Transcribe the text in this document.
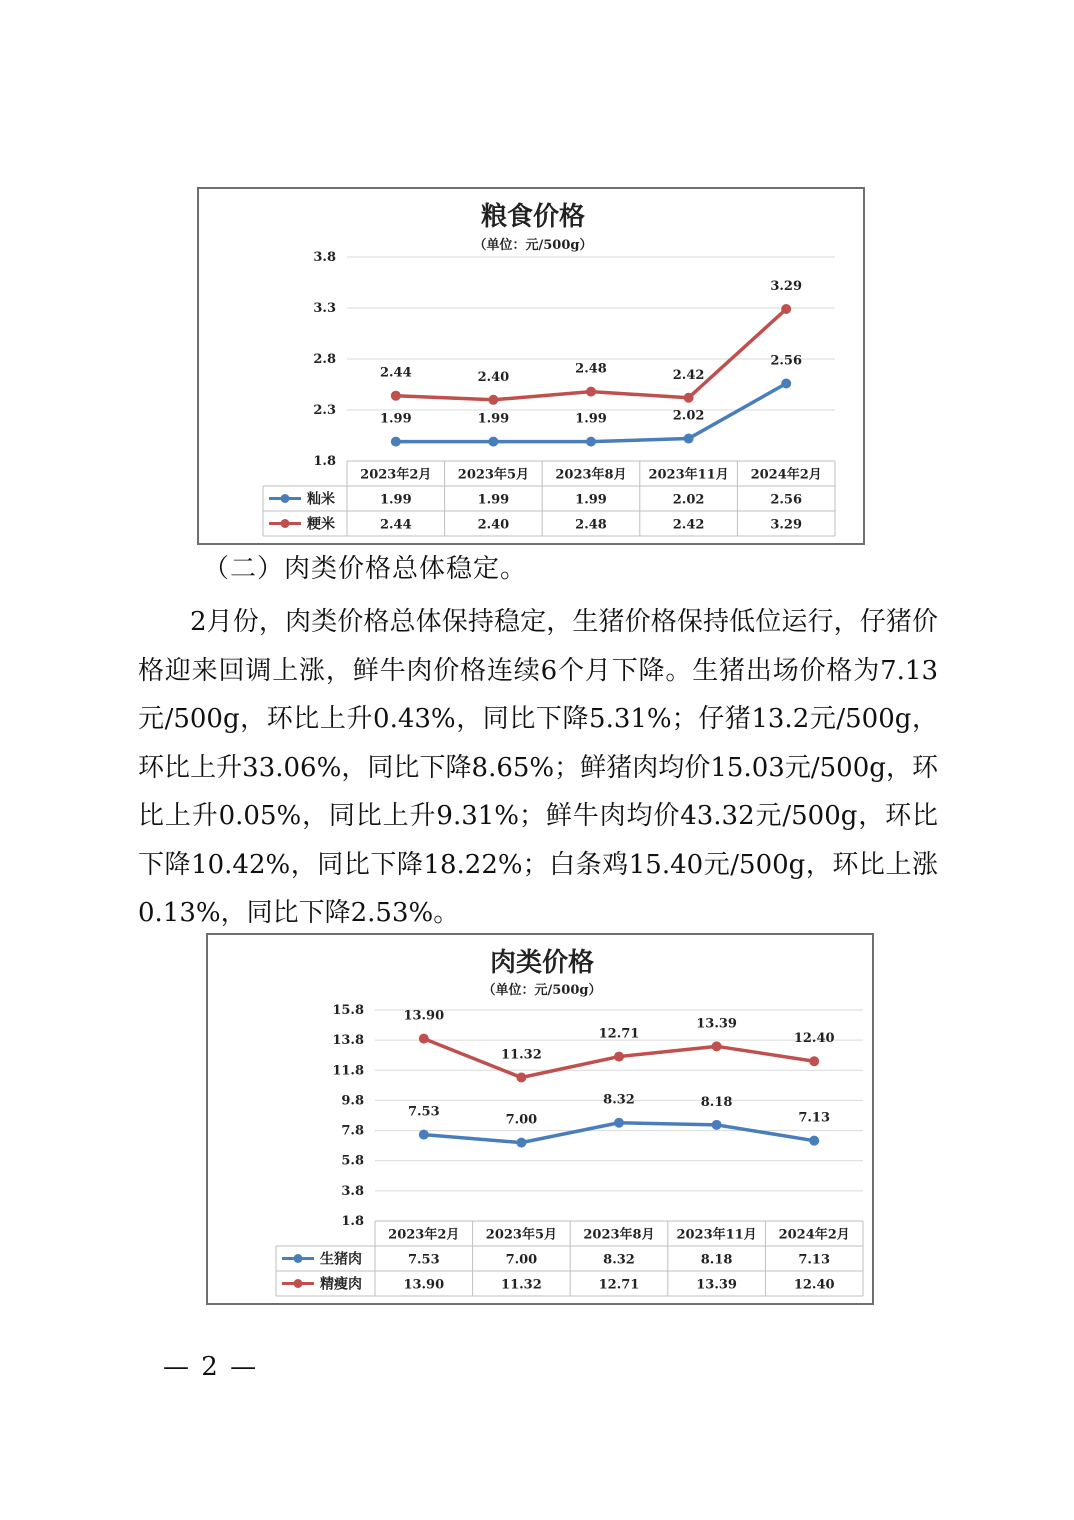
粮食价格
（单位：元/500g）
3.8
3.3
2.8
2.3
1.8
2023年2月 2023年5月 2023年8月 2023年11月 2024年2月
籼米	1.99	1.99	1.99	2.02	2.56
粳米	2.44	2.40	2.48	2.42	3.29
1.99	1.99	1.99	2.02
2.56
2.44	2.40
2.48	2.42
3.29
（二）肉类价格总体稳定。

2月份，肉类价格总体保持稳定，生猪价格保持低位运行，仔猪价格迎来回调上涨，鲜牛肉价格连续6个月下降。生猪出场价格为7.13元/500g，环比上升0.43%，同比下降5.31%；仔猪13.2元/500g，环比上升33.06%，同比下降8.65%；鲜猪肉均价15.03元/500g，环比上升0.05%，同比上升9.31%；鲜牛肉均价43.32元/500g，环比下降10.42%，同比下降18.22%；白条鸡15.40元/500g，环比上涨0.13%，同比下降2.53%。

肉类价格
（单位：元/500g）
15.8
13.8
11.8
9.8
7.8
5.8
3.8
1.8
2023年2月 2023年5月 2023年8月 2023年11月 2024年2月
生猪肉	7.53	7.00	8.32	8.18	7.13
精瘦肉	13.90	11.32	12.71	13.39	12.40
7.53
7.00
8.32	8.18
7.13
13.90
11.32
12.71
13.39
12.40
— 2 —
